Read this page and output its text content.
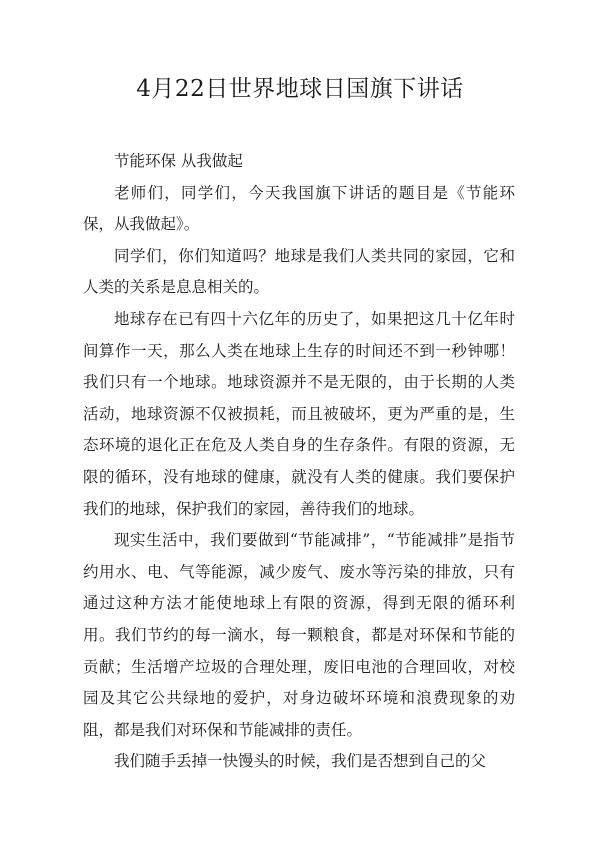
4月22日世界地球日国旗下讲话

节能环保 从我做起

老师们，同学们，今天我国旗下讲话的题目是《节能环保，从我做起》。

同学们，你们知道吗？地球是我们人类共同的家园，它和人类的关系是息息相关的。

地球存在已有四十六亿年的历史了，如果把这几十亿年时间算作一天，那么人类在地球上生存的时间还不到一秒钟哪！我们只有一个地球。地球资源并不是无限的，由于长期的人类活动，地球资源不仅被损耗，而且被破坏，更为严重的是，生态环境的退化正在危及人类自身的生存条件。有限的资源，无限的循环，没有地球的健康，就没有人类的健康。我们要保护我们的地球，保护我们的家园，善待我们的地球。

现实生活中，我们要做到“节能减排”，“节能减排”是指节约用水、电、气等能源，减少废气、废水等污染的排放，只有通过这种方法才能使地球上有限的资源，得到无限的循环利用。我们节约的每一滴水，每一颗粮食，都是对环保和节能的贡献；生活增产垃圾的合理处理，废旧电池的合理回收，对校园及其它公共绿地的爱护，对身边破坏环境和浪费现象的劝阻，都是我们对环保和节能减排的责任。

我们随手丢掉一快馒头的时候，我们是否想到自己的父
